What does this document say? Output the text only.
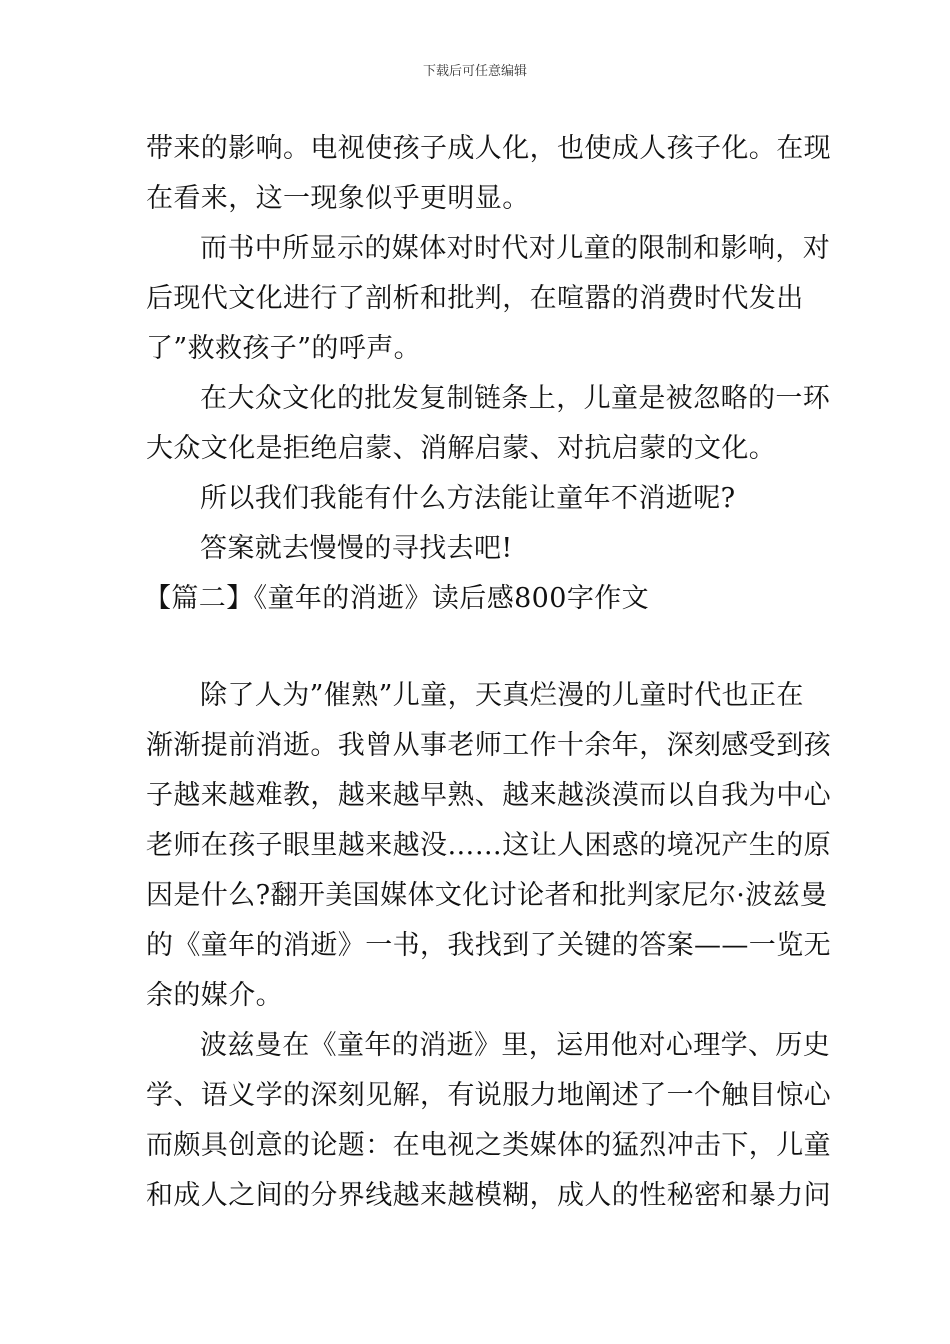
下载后可任意编辑
带来的影响。电视使孩子成人化，也使成人孩子化。在现
在看来，这一现象似乎更明显。
而书中所显示的媒体对时代对儿童的限制和影响，对
后现代文化进行了剖析和批判，在喧嚣的消费时代发出
了”救救孩子”的呼声。
在大众文化的批发复制链条上，儿童是被忽略的一环
大众文化是拒绝启蒙、消解启蒙、对抗启蒙的文化。
所以我们我能有什么方法能让童年不消逝呢?
答案就去慢慢的寻找去吧!
【篇二】《童年的消逝》读后感800字作文
除了人为”催熟”儿童，天真烂漫的儿童时代也正在
渐渐提前消逝。我曾从事老师工作十余年，深刻感受到孩
子越来越难教，越来越早熟、越来越淡漠而以自我为中心
老师在孩子眼里越来越没……这让人困惑的境况产生的原
因是什么?翻开美国媒体文化讨论者和批判家尼尔·波兹曼
的《童年的消逝》一书，我找到了关键的答案——一览无
余的媒介。
波兹曼在《童年的消逝》里，运用他对心理学、历史
学、语义学的深刻见解，有说服力地阐述了一个触目惊心
而颇具创意的论题：在电视之类媒体的猛烈冲击下，儿童
和成人之间的分界线越来越模糊，成人的性秘密和暴力问
